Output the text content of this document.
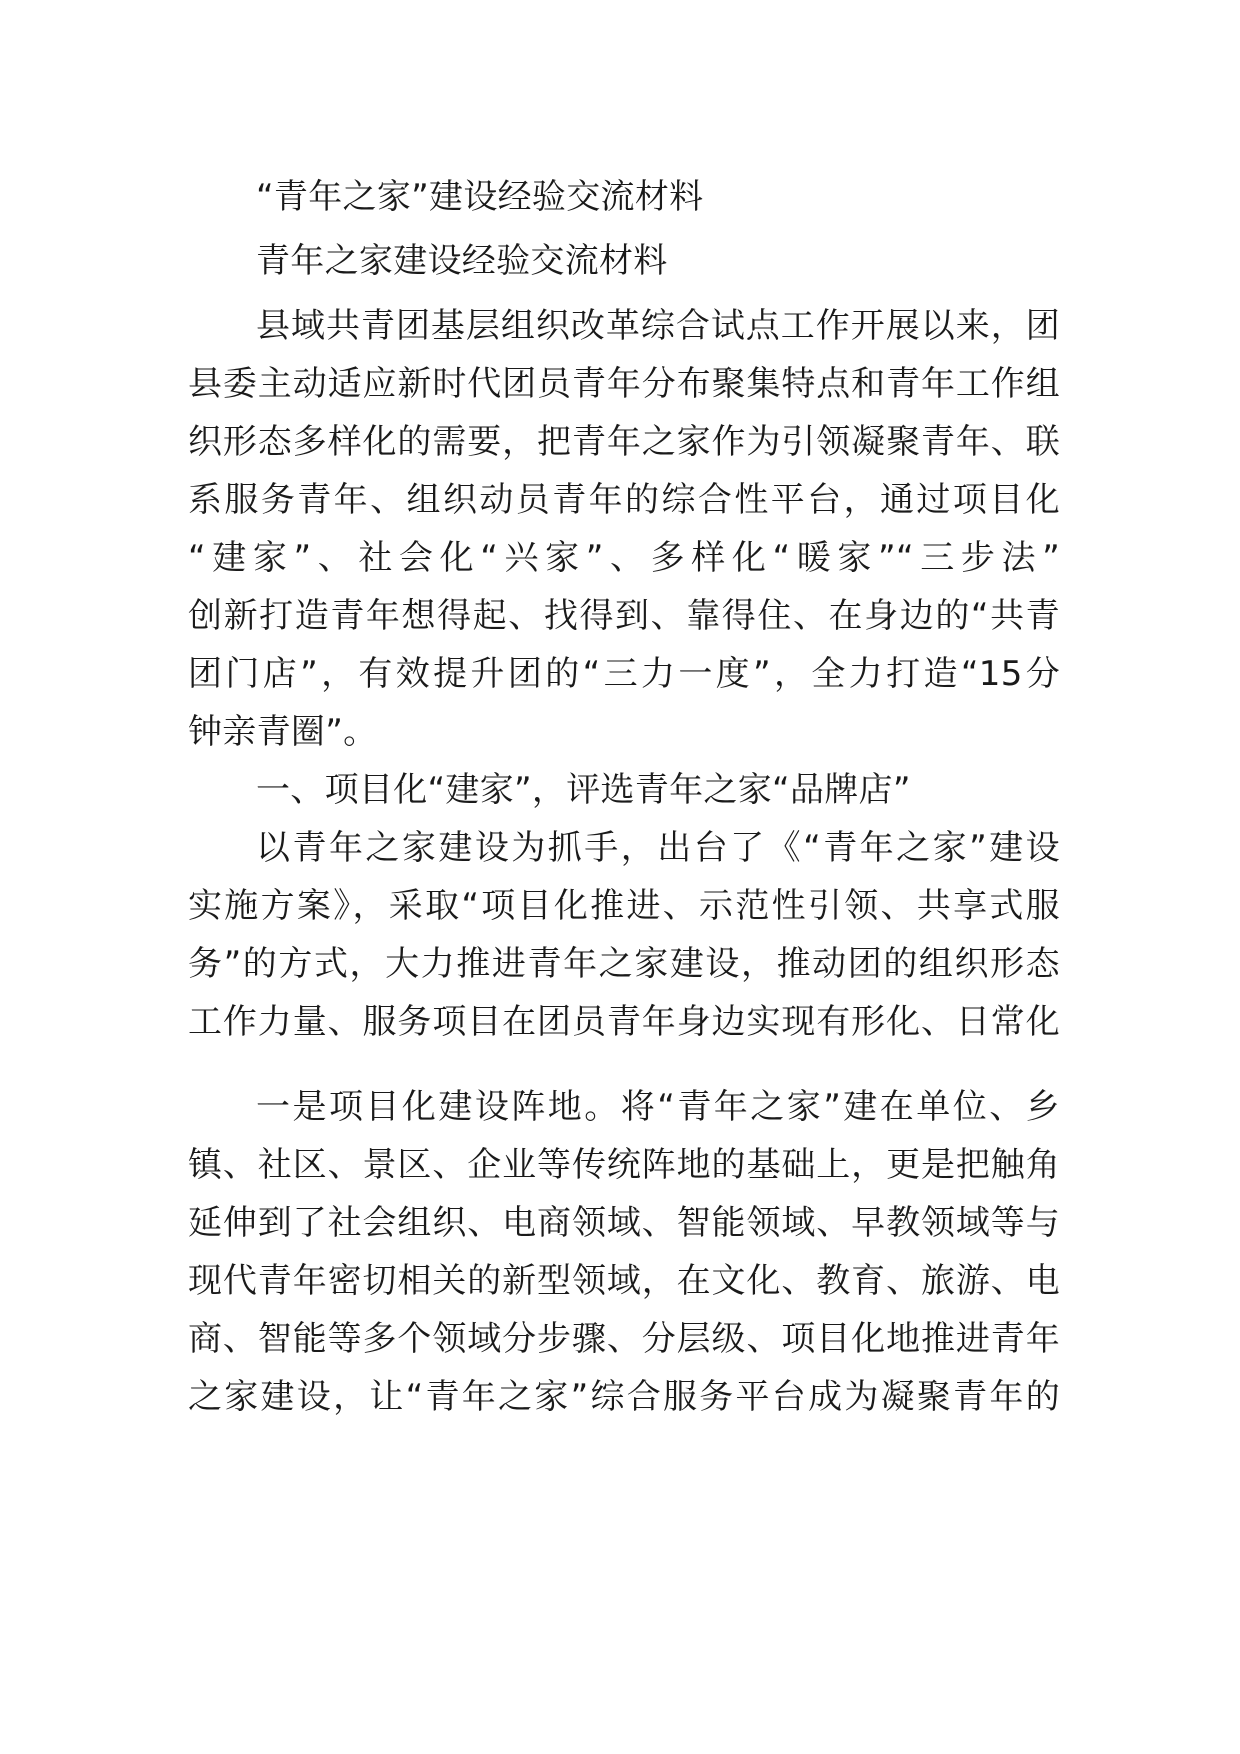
“青年之家”建设经验交流材料

青年之家建设经验交流材料

县域共青团基层组织改革综合试点工作开展以来，团

县委主动适应新时代团员青年分布聚集特点和青年工作组

织形态多样化的需要，把青年之家作为引领凝聚青年、联

系服务青年、组织动员青年的综合性平台，通过项目化

“建家”、社会化“兴家”、多样化“暖家”“三步法”

创新打造青年想得起、找得到、靠得住、在身边的“共青

团门店”，有效提升团的“三力一度”，全力打造“15分

钟亲青圈”。

一、项目化“建家”，评选青年之家“品牌店”

以青年之家建设为抓手，出台了《“青年之家”建设

实施方案》，采取“项目化推进、示范性引领、共享式服

务”的方式，大力推进青年之家建设，推动团的组织形态

工作力量、服务项目在团员青年身边实现有形化、日常化

一是项目化建设阵地。将“青年之家”建在单位、乡

镇、社区、景区、企业等传统阵地的基础上，更是把触角

延伸到了社会组织、电商领域、智能领域、早教领域等与

现代青年密切相关的新型领域，在文化、教育、旅游、电

商、智能等多个领域分步骤、分层级、项目化地推进青年

之家建设，让“青年之家”综合服务平台成为凝聚青年的
